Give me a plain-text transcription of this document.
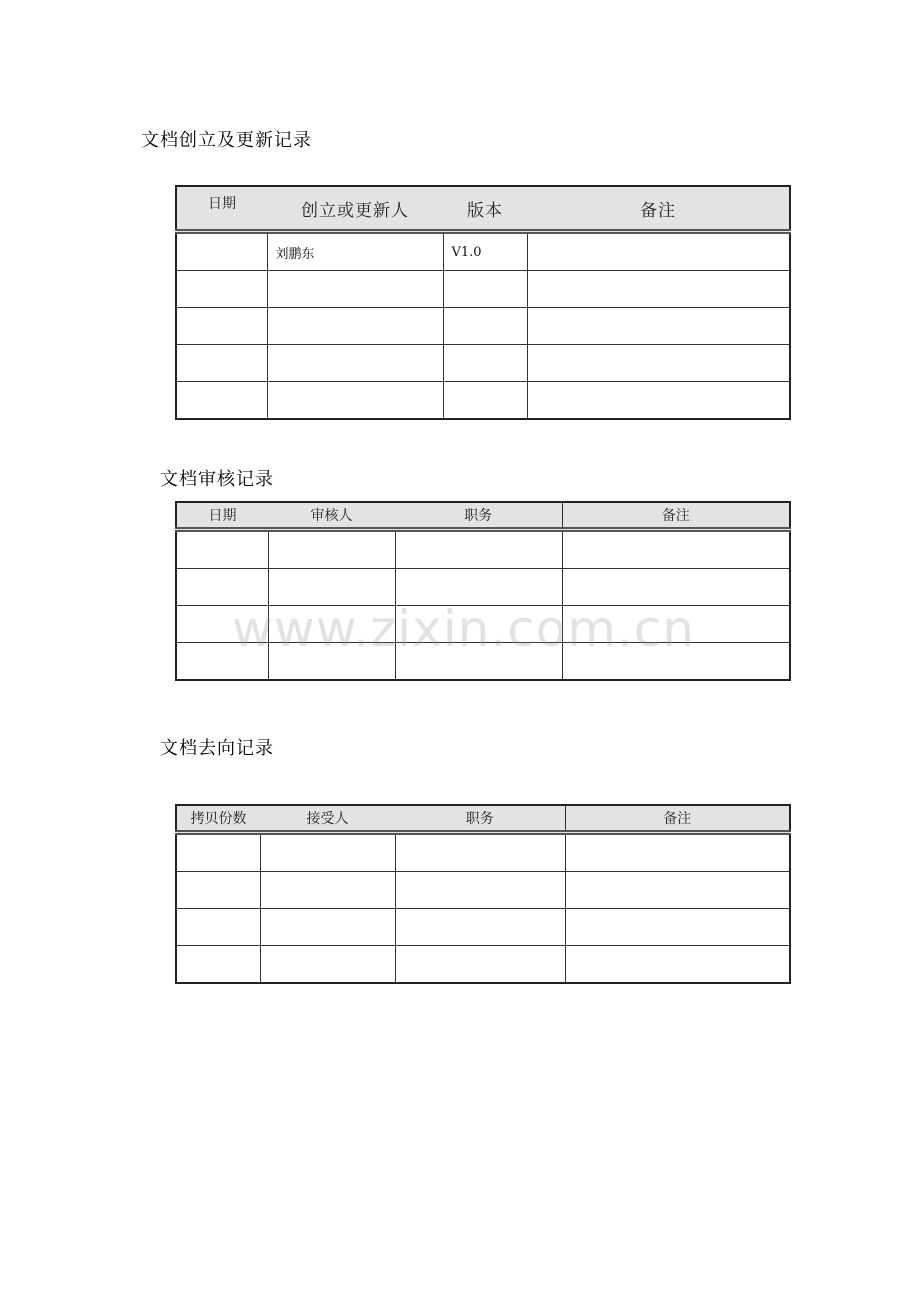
文档创立及更新记录
日期	创立或更新人	版本	备注
	刘鹏东	V1.0	

文档审核记录
日期	审核人	职务	备注

文档去向记录
拷贝份数	接受人	职务	备注

www.zixin.com.cn
